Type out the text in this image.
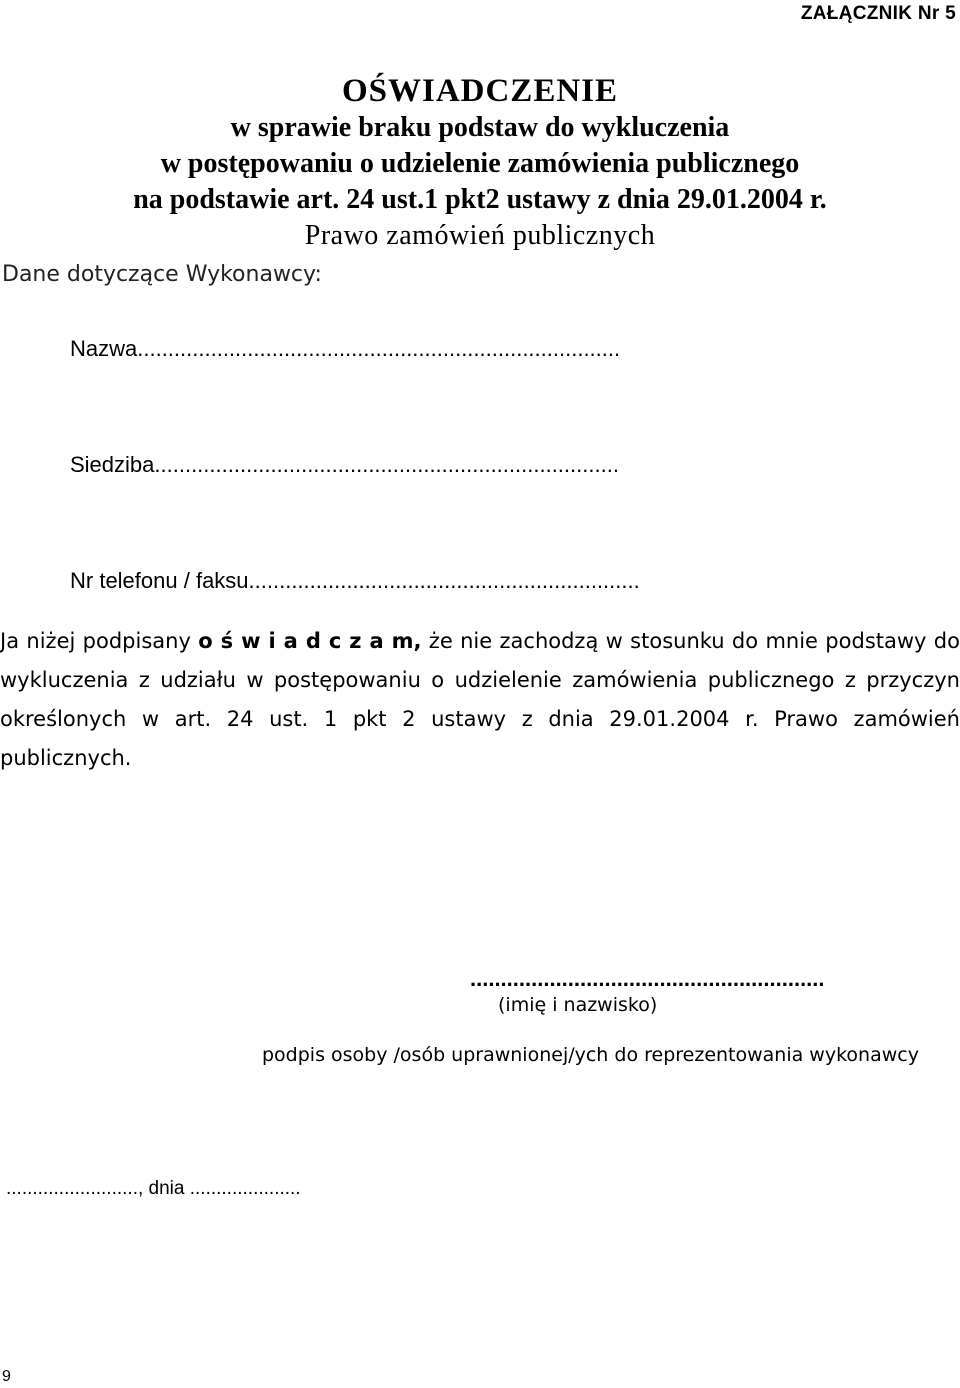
ZAŁĄCZNIK Nr 5
OŚWIADCZENIE
w sprawie braku podstaw do wykluczenia
w postępowaniu o udzielenie zamówienia publicznego
na podstawie art. 24 ust.1 pkt2 ustawy z dnia 29.01.2004 r.
Prawo zamówień publicznych
Dane dotyczące Wykonawcy:
Nazwa...............................................................................
Siedziba............................................................................
Nr telefonu / faksu................................................................
Ja niżej podpisany o ś w i a d c z a m, że nie zachodzą w stosunku do mnie podstawy do wykluczenia z udziału w postępowaniu o udzielenie zamówienia publicznego z przyczyn określonych w art. 24 ust. 1 pkt 2 ustawy z dnia 29.01.2004 r. Prawo zamówień publicznych.
..........................................................
(imię i nazwisko)
podpis osoby /osób uprawnionej/ych do reprezentowania wykonawcy
........................., dnia .....................
9
